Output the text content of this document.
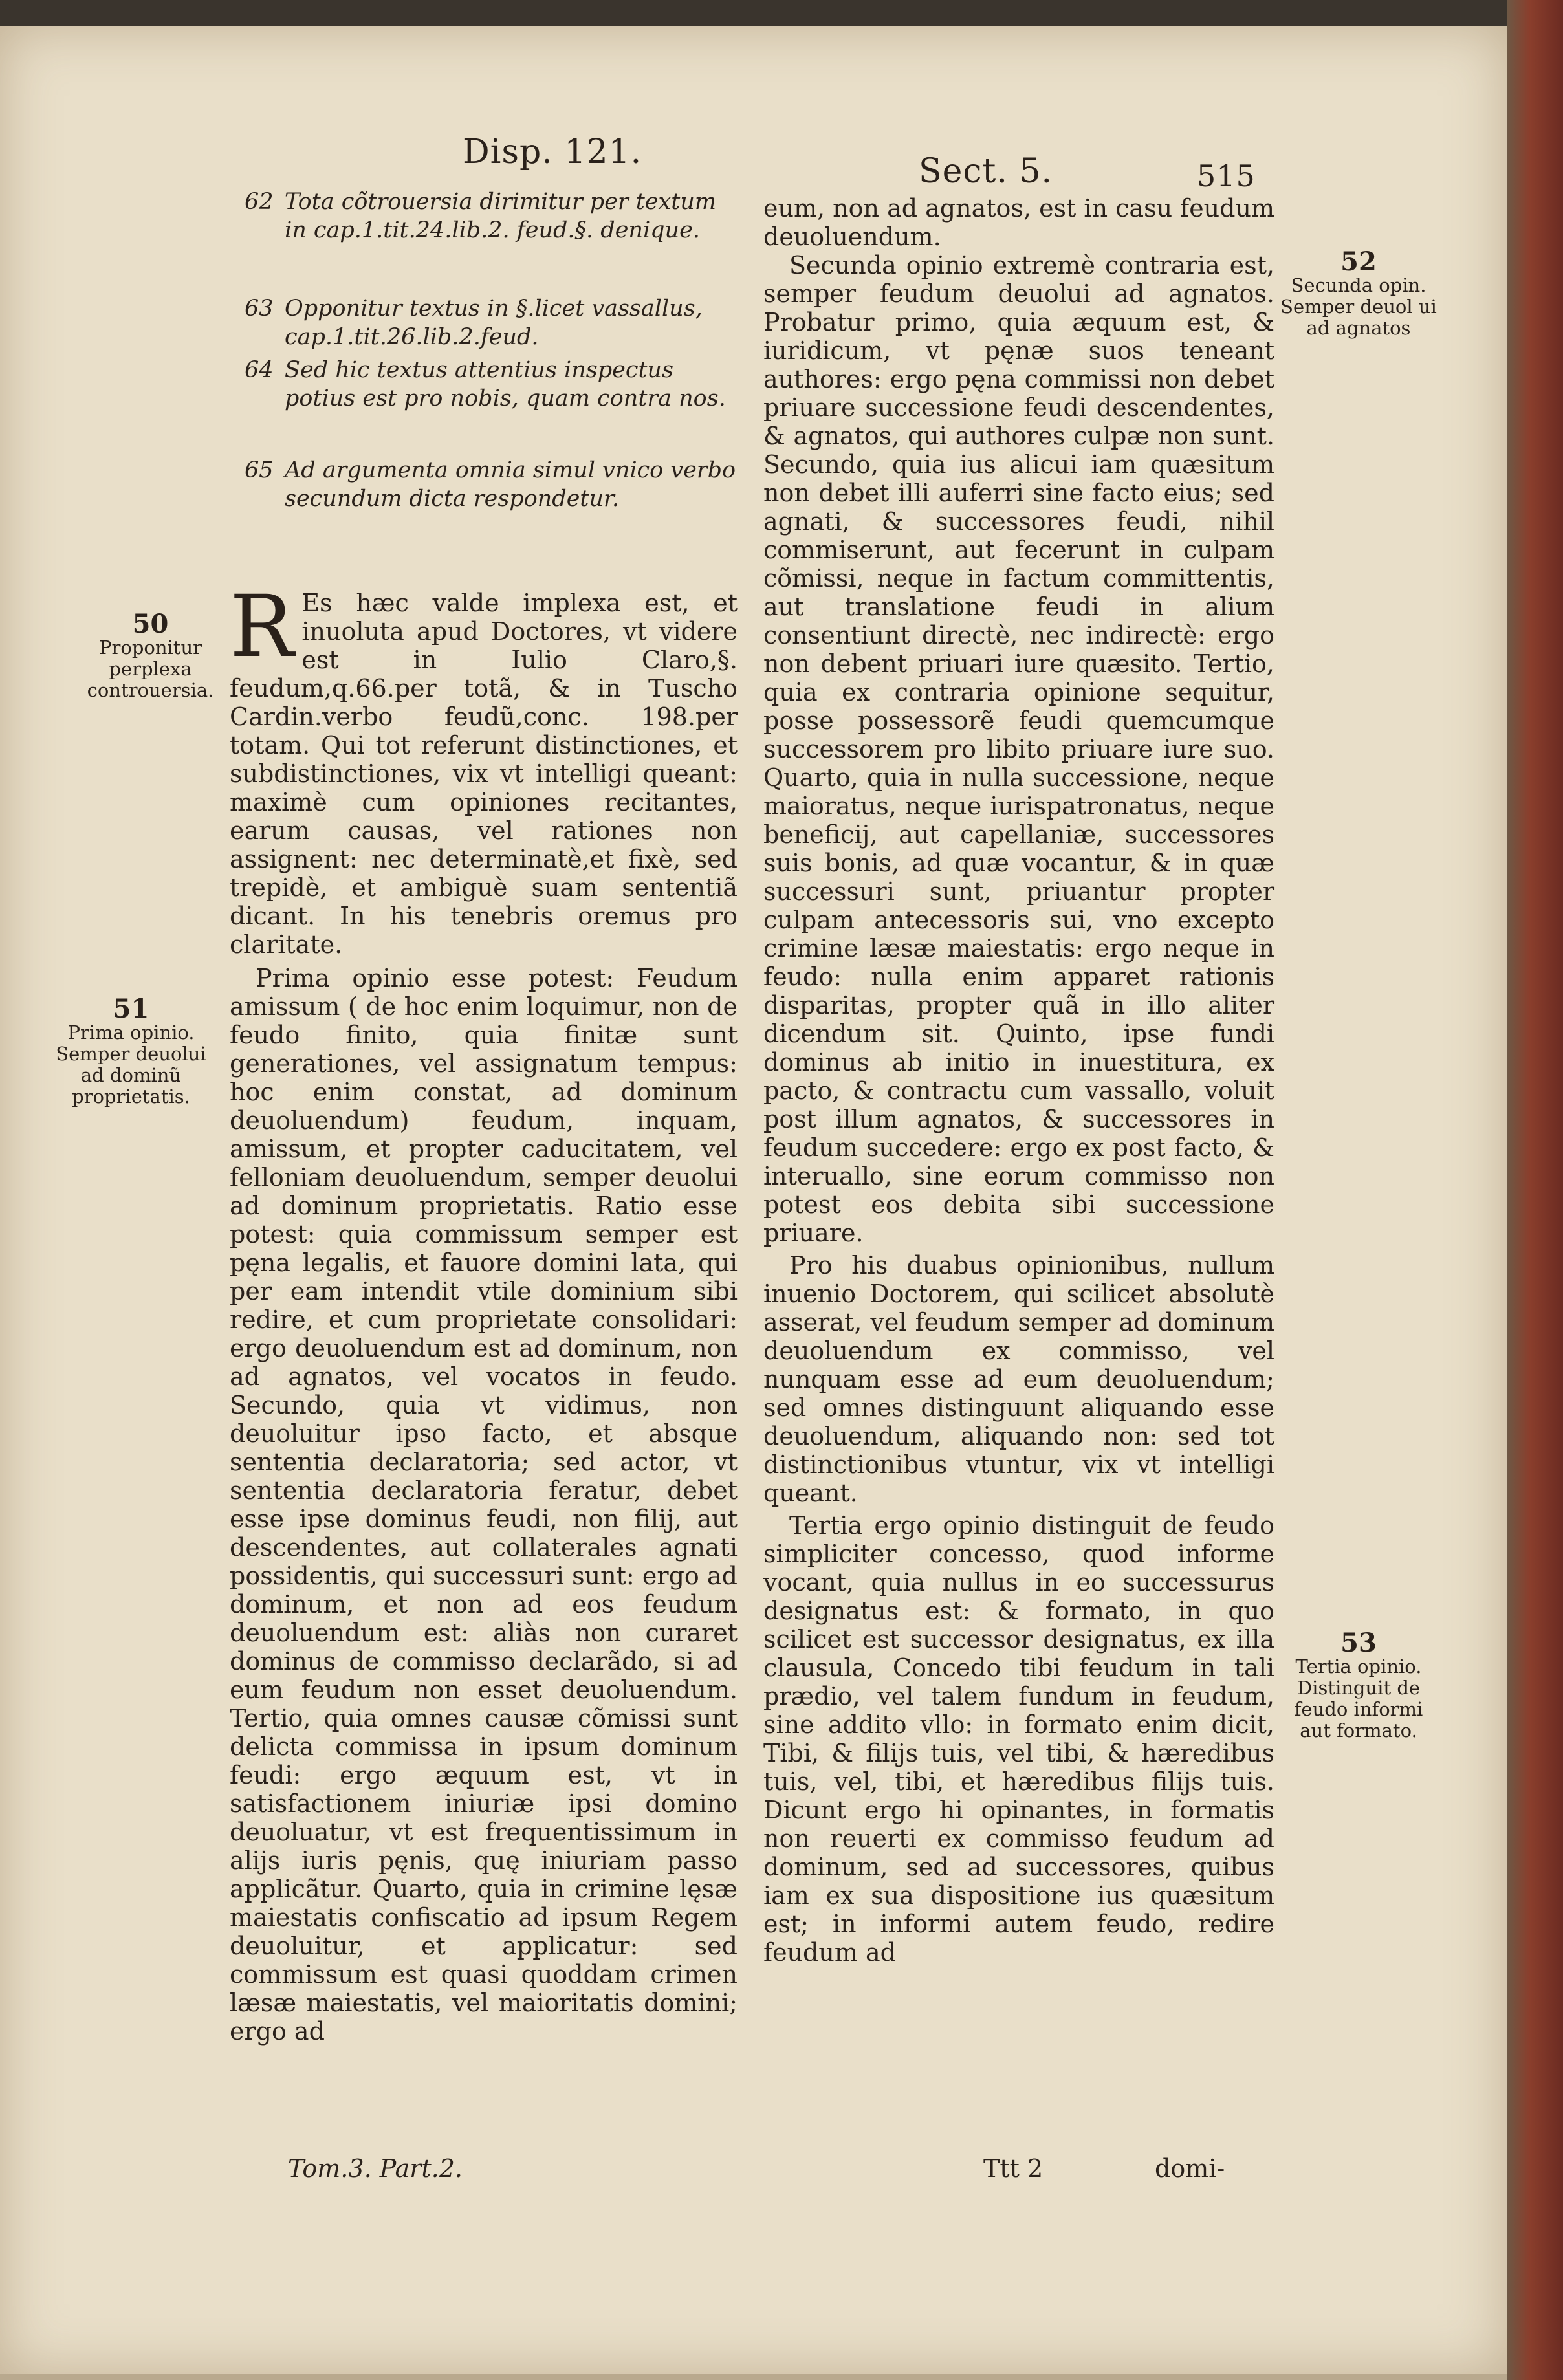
Disp. 121.	Sect. 5.	515
62 Tota cõtrouersia dirimitur per textum in cap.1.tit.24.lib.2. feud.§. denique.
63 Opponitur textus in §.licet vassallus, cap.1.tit.26.lib.2.feud.
64 Sed hic textus attentius inspectus potius est pro nobis, quam contra nos.
65 Ad argumenta omnia simul vnico verbo secundum dicta respondetur.
50
Proponitur perplexa controuersia.
51
Prima opinio. Semper deuolui ad dominũ proprietatis.
52
Secunda opin. Semper deuol ui ad agnatos
53
Tertia opinio. Distinguit de feudo informi aut formato.

R Es hæc valde implexa est, et inuoluta apud Doctores, vt videre est in Iulio Claro,§. feudum,q.66.per totã, & in Tuscho Cardin.verbo feudũ,conc. 198.per totam. Qui tot referunt distinctiones, et subdistinctiones, vix vt intelligi queant: maximè cum opiniones recitantes, earum causas, vel rationes non assignent: nec determinatè,et fixè, sed trepidè, et ambiguè suam sententiã dicant. In his tenebris oremus pro claritate.

Prima opinio esse potest: Feudum amissum ( de hoc enim loquimur, non de feudo finito, quia finitæ sunt generationes, vel assignatum tempus: hoc enim constat, ad dominum deuoluendum) feudum, inquam, amissum, et propter caducitatem, vel felloniam deuoluendum, semper deuolui ad dominum proprietatis. Ratio esse potest: quia commissum semper est pęna legalis, et fauore domini lata, qui per eam intendit vtile dominium sibi redire, et cum proprietate consolidari: ergo deuoluendum est ad dominum, non ad agnatos, vel vocatos in feudo. Secundo, quia vt vidimus, non deuoluitur ipso facto, et absque sententia declaratoria; sed actor, vt sententia declaratoria feratur, debet esse ipse dominus feudi, non filij, aut descendentes, aut collaterales agnati possidentis, qui successuri sunt: ergo ad dominum, et non ad eos feudum deuoluendum est: aliàs non curaret dominus de commisso declarãdo, si ad eum feudum non esset deuoluendum. Tertio, quia omnes causæ cõmissi sunt delicta commissa in ipsum dominum feudi: ergo æquum est, vt in satisfactionem iniuriæ ipsi domino deuoluatur, vt est frequentissimum in alijs iuris pęnis, quę iniuriam passo applicãtur. Quarto, quia in crimine lęsæ maiestatis confiscatio ad ipsum Regem deuoluitur, et applicatur: sed commissum est quasi quoddam crimen læsæ maiestatis, vel maioritatis domini; ergo ad

eum, non ad agnatos, est in casu feudum deuoluendum.

Secunda opinio extremè contraria est, semper feudum deuolui ad agnatos. Probatur primo, quia æquum est, & iuridicum, vt pęnæ suos teneant authores: ergo pęna commissi non debet priuare successione feudi descendentes, & agnatos, qui authores culpæ non sunt. Secundo, quia ius alicui iam quæsitum non debet illi auferri sine facto eius; sed agnati, & successores feudi, nihil commiserunt, aut fecerunt in culpam cõmissi, neque in factum committentis, aut translatione feudi in alium consentiunt directè, nec indirectè: ergo non debent priuari iure quæsito. Tertio, quia ex contraria opinione sequitur, posse possessorẽ feudi quemcumque successorem pro libito priuare iure suo. Quarto, quia in nulla successione, neque maioratus, neque iurispatronatus, neque beneficij, aut capellaniæ, successores suis bonis, ad quæ vocantur, & in quæ successuri sunt, priuantur propter culpam antecessoris sui, vno excepto crimine læsæ maiestatis: ergo neque in feudo: nulla enim apparet rationis disparitas, propter quã in illo aliter dicendum sit. Quinto, ipse fundi dominus ab initio in inuestitura, ex pacto, & contractu cum vassallo, voluit post illum agnatos, & successores in feudum succedere: ergo ex post facto, & interuallo, sine eorum commisso non potest eos debita sibi successione priuare.

Pro his duabus opinionibus, nullum inuenio Doctorem, qui scilicet absolutè asserat, vel feudum semper ad dominum deuoluendum ex commisso, vel nunquam esse ad eum deuoluendum; sed omnes distinguunt aliquando esse deuoluendum, aliquando non: sed tot distinctionibus vtuntur, vix vt intelligi queant.

Tertia ergo opinio distinguit de feudo simpliciter concesso, quod informe vocant, quia nullus in eo successurus designatus est: & formato, in quo scilicet est successor designatus, ex illa clausula, Concedo tibi feudum in tali prædio, vel talem fundum in feudum, sine addito vllo: in formato enim dicit, Tibi, & filijs tuis, vel tibi, & hæredibus tuis, vel, tibi, et hæredibus filijs tuis. Dicunt ergo hi opinantes, in formatis non reuerti ex commisso feudum ad dominum, sed ad successores, quibus iam ex sua dispositione ius quæsitum est; in informi autem feudo, redire feudum ad

Tom.3. Part.2.	Ttt 2	domi-
